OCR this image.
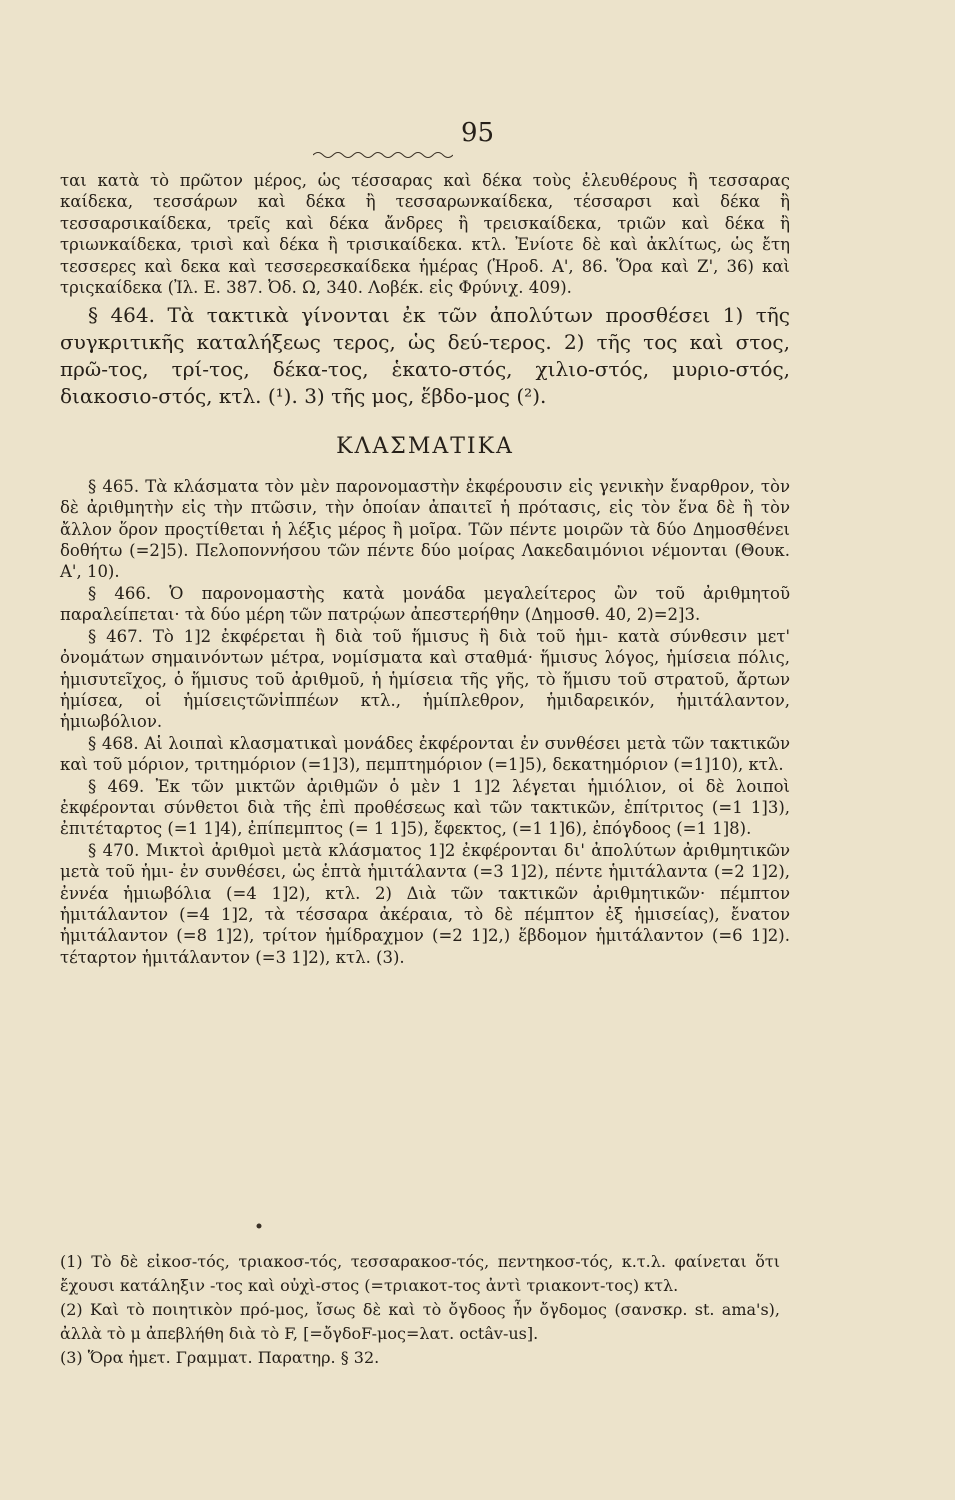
95

ται κατὰ τὸ πρῶτον μέρος, ὡς τέσσαρας καὶ δέκα τοὺς ἐλευθέρους ἢ τεσσαρας καίδεκα, τεσσάρων καὶ δέκα ἢ τεσσαρωνκαίδεκα, τέσσαρσι καὶ δέκα ἢ τεσσαρσικαίδεκα, τρεῖς καὶ δέκα ἄνδρες ἢ τρεισκαίδεκα, τριῶν καὶ δέκα ἢ τριωνκαίδεκα, τρισὶ καὶ δέκα ἢ τρισικαίδεκα. κτλ. Ἐνίοτε δὲ καὶ ἀκλίτως, ὡς ἔτη τεσσερες καὶ δεκα καὶ τεσσερεσκαίδεκα ἡμέρας (Ἡροδ. Α', 86. Ὅρα καὶ Ζ', 36) καὶ τριςκαίδεκα (Ἰλ. Ε. 387. Ὀδ. Ω, 340. Λοβέκ. εἰς Φρύνιχ. 409).

§ 464. Τὰ τακτικὰ γίνονται ἐκ τῶν ἀπολύτων προσθέσει 1) τῆς συγκριτικῆς καταλήξεως τερος, ὡς δεύ-τερος. 2) τῆς τος καὶ στος, πρῶ-τος, τρί-τος, δέκα-τος, ἑκατο-στός, χιλιο-στός, μυριο-στός, διακοσιο-στός, κτλ. (¹). 3) τῆς μος, ἕβδο-μος (²).

ΚΛΑΣΜΑΤΙΚΑ

§ 465. Τὰ κλάσματα τὸν μὲν παρονομαστὴν ἐκφέρουσιν εἰς γενικὴν ἔναρθρον, τὸν δὲ ἀριθμητὴν εἰς τὴν πτῶσιν, τὴν ὁποίαν ἀπαιτεῖ ἡ πρότασις, εἰς τὸν ἕνα δὲ ἢ τὸν ἄλλον ὅρον προςτίθεται ἡ λέξις μέρος ἢ μοῖρα. Τῶν πέντε μοιρῶν τὰ δύο Δημοσθένει δοθήτω (=2]5). Πελοποννήσου τῶν πέντε δύο μοίρας Λακεδαιμόνιοι νέμονται (Θουκ. Α', 10).

§ 466. Ὁ παρονομαστὴς κατὰ μονάδα μεγαλείτερος ὢν τοῦ ἀριθμητοῦ παραλείπεται· τὰ δύο μέρη τῶν πατρῴων ἀπεστερήθην (Δημοσθ. 40, 2)=2]3.

§ 467. Τὸ 1]2 ἐκφέρεται ἢ διὰ τοῦ ἥμισυς ἢ διὰ τοῦ ἡμι- κατὰ σύνθεσιν μετ' ὀνομάτων σημαινόντων μέτρα, νομίσματα καὶ σταθμά· ἥμισυς λόγος, ἡμίσεια πόλις, ἡμισυτεῖχος, ὁ ἥμισυς τοῦ ἀριθμοῦ, ἡ ἡμίσεια τῆς γῆς, τὸ ἥμισυ τοῦ στρατοῦ, ἄρτων ἡμίσεα, οἱ ἡμίσειςτῶνἱππέων κτλ., ἡμίπλεθρον, ἡμιδαρεικόν, ἡμιτάλαντον, ἡμιωβόλιον.

§ 468. Αἱ λοιπαὶ κλασματικαὶ μονάδες ἐκφέρονται ἐν συνθέσει μετὰ τῶν τακτικῶν καὶ τοῦ μόριον, τριτημόριον (=1]3), πεμπτημόριον (=1]5), δεκατημόριον (=1]10), κτλ.

§ 469. Ἐκ τῶν μικτῶν ἀριθμῶν ὁ μὲν 1 1]2 λέγεται ἡμιόλιον, οἱ δὲ λοιποὶ ἐκφέρονται σύνθετοι διὰ τῆς ἐπὶ προθέσεως καὶ τῶν τακτικῶν, ἐπίτριτος (=1 1]3), ἐπιτέταρτος (=1 1]4), ἐπίπεμπτος (= 1 1]5), ἔφεκτος, (=1 1]6), ἐπόγδοος (=1 1]8).

§ 470. Μικτοὶ ἀριθμοὶ μετὰ κλάσματος 1]2 ἐκφέρονται δι' ἀπολύτων ἀριθμητικῶν μετὰ τοῦ ἡμι- ἐν συνθέσει, ὡς ἑπτὰ ἡμιτάλαντα (=3 1]2), πέντε ἡμιτάλαντα (=2 1]2), ἐννέα ἡμιωβόλια (=4 1]2), κτλ. 2) Διὰ τῶν τακτικῶν ἀριθμητικῶν· πέμπτον ἡμιτάλαντον (=4 1]2, τὰ τέσσαρα ἀκέραια, τὸ δὲ πέμπτον ἐξ ἡμισείας), ἔνατον ἡμιτάλαντον (=8 1]2), τρίτον ἡμίδραχμον (=2 1]2,) ἕβδομον ἡμιτάλαντον (=6 1]2). τέταρτον ἡμιτάλαντον (=3 1]2), κτλ. (3).

(1) Τὸ δὲ εἰκοσ-τός, τριακοσ-τός, τεσσαρακοσ-τός, πεντηκοσ-τός, κ.τ.λ. φαίνεται ὅτι ἔχουσι κατάληξιν -τος καὶ οὐχὶ-στος (=τριακοτ-τος ἀντὶ τριακοντ-τος) κτλ.

(2) Καὶ τὸ ποιητικὸν πρό-μος, ἴσως δὲ καὶ τὸ ὄγδοος ἦν ὄγδομος (σανσκρ. st. ama's), ἀλλὰ τὸ μ ἀπεβλήθη διὰ τὸ F, [=ὄγδοF-μος=λατ. octâv-us].

(3) Ὅρα ἡμετ. Γραμματ. Παρατηρ. § 32.
